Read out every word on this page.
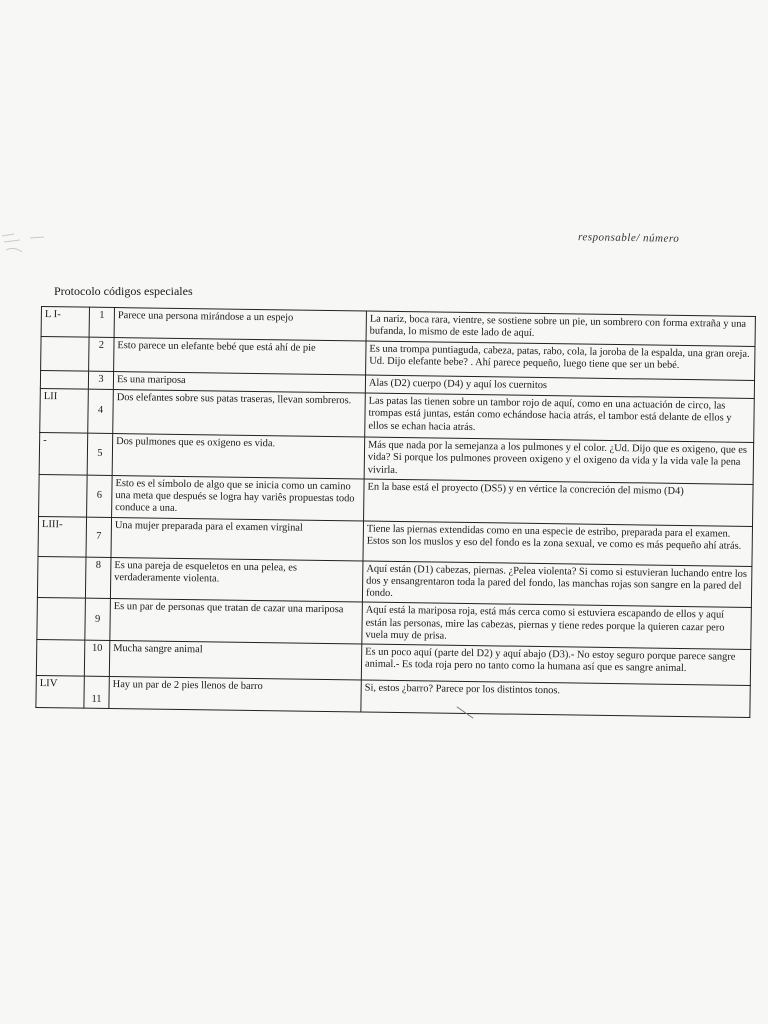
responsable/ número
Protocolo códigos especiales
L I-	1	Parece una persona mirándose a un espejo	La nariz, boca rara, vientre, se sostiene sobre un pie, un sombrero con forma extraña y una bufanda, lo mismo de este lado de aquí.
	2	Esto parece un elefante bebé que está ahí de pie	Es una trompa puntiaguda, cabeza, patas, rabo, cola, la joroba de la espalda, una gran oreja. Ud. Dijo elefante bebe? . Ahí parece pequeño, luego tiene que ser un bebé.
	3	Es una mariposa	Alas (D2) cuerpo (D4) y aquí los cuernitos
LII	4	Dos elefantes sobre sus patas traseras, llevan sombreros.	Las patas las tienen sobre un tambor rojo de aquí, como en una actuación de circo, las trompas está juntas, están como echándose hacia atrás, el tambor está delante de ellos y ellos se echan hacia atrás.
-	5	Dos pulmones que es oxigeno es vida.	Más que nada por la semejanza a los pulmones y el color. ¿Ud. Dijo que es oxigeno, que es vida? Si porque los pulmones proveen oxigeno y el oxigeno da vida y la vida vale la pena vivirla.
	6	Esto es el símbolo de algo que se inicia como un camino una meta que después se logra hay variês propuestas todo conduce a una.	En la base está el proyecto (DS5) y en vértice la concreción del mismo (D4)
LIII-	7	Una mujer preparada para el examen virginal	Tiene las piernas extendidas como en una especie de estribo, preparada para el examen. Estos son los muslos y eso del fondo es la zona sexual, ve como es más pequeño ahí atrás.
	8	Es una pareja de esqueletos en una pelea, es verdaderamente violenta.	Aquí están (D1) cabezas, piernas. ¿Pelea violenta? Si como si estuvieran luchando entre los dos y ensangrentaron toda la pared del fondo, las manchas rojas son sangre en la pared del fondo.
	9	Es un par de personas que tratan de cazar una mariposa	Aquí está la mariposa roja, está más cerca como si estuviera escapando de ellos y aquí están las personas, mire las cabezas, piernas y tiene redes porque la quieren cazar pero vuela muy de prisa.
	10	Mucha sangre animal	Es un poco aquí (parte del D2) y aquí abajo (D3).- No estoy seguro porque parece sangre animal.- Es toda roja pero no tanto como la humana así que es sangre animal.
LIV	11	Hay un par de 2 pies llenos de barro	Si, estos ¿barro? Parece por los distintos tonos.
